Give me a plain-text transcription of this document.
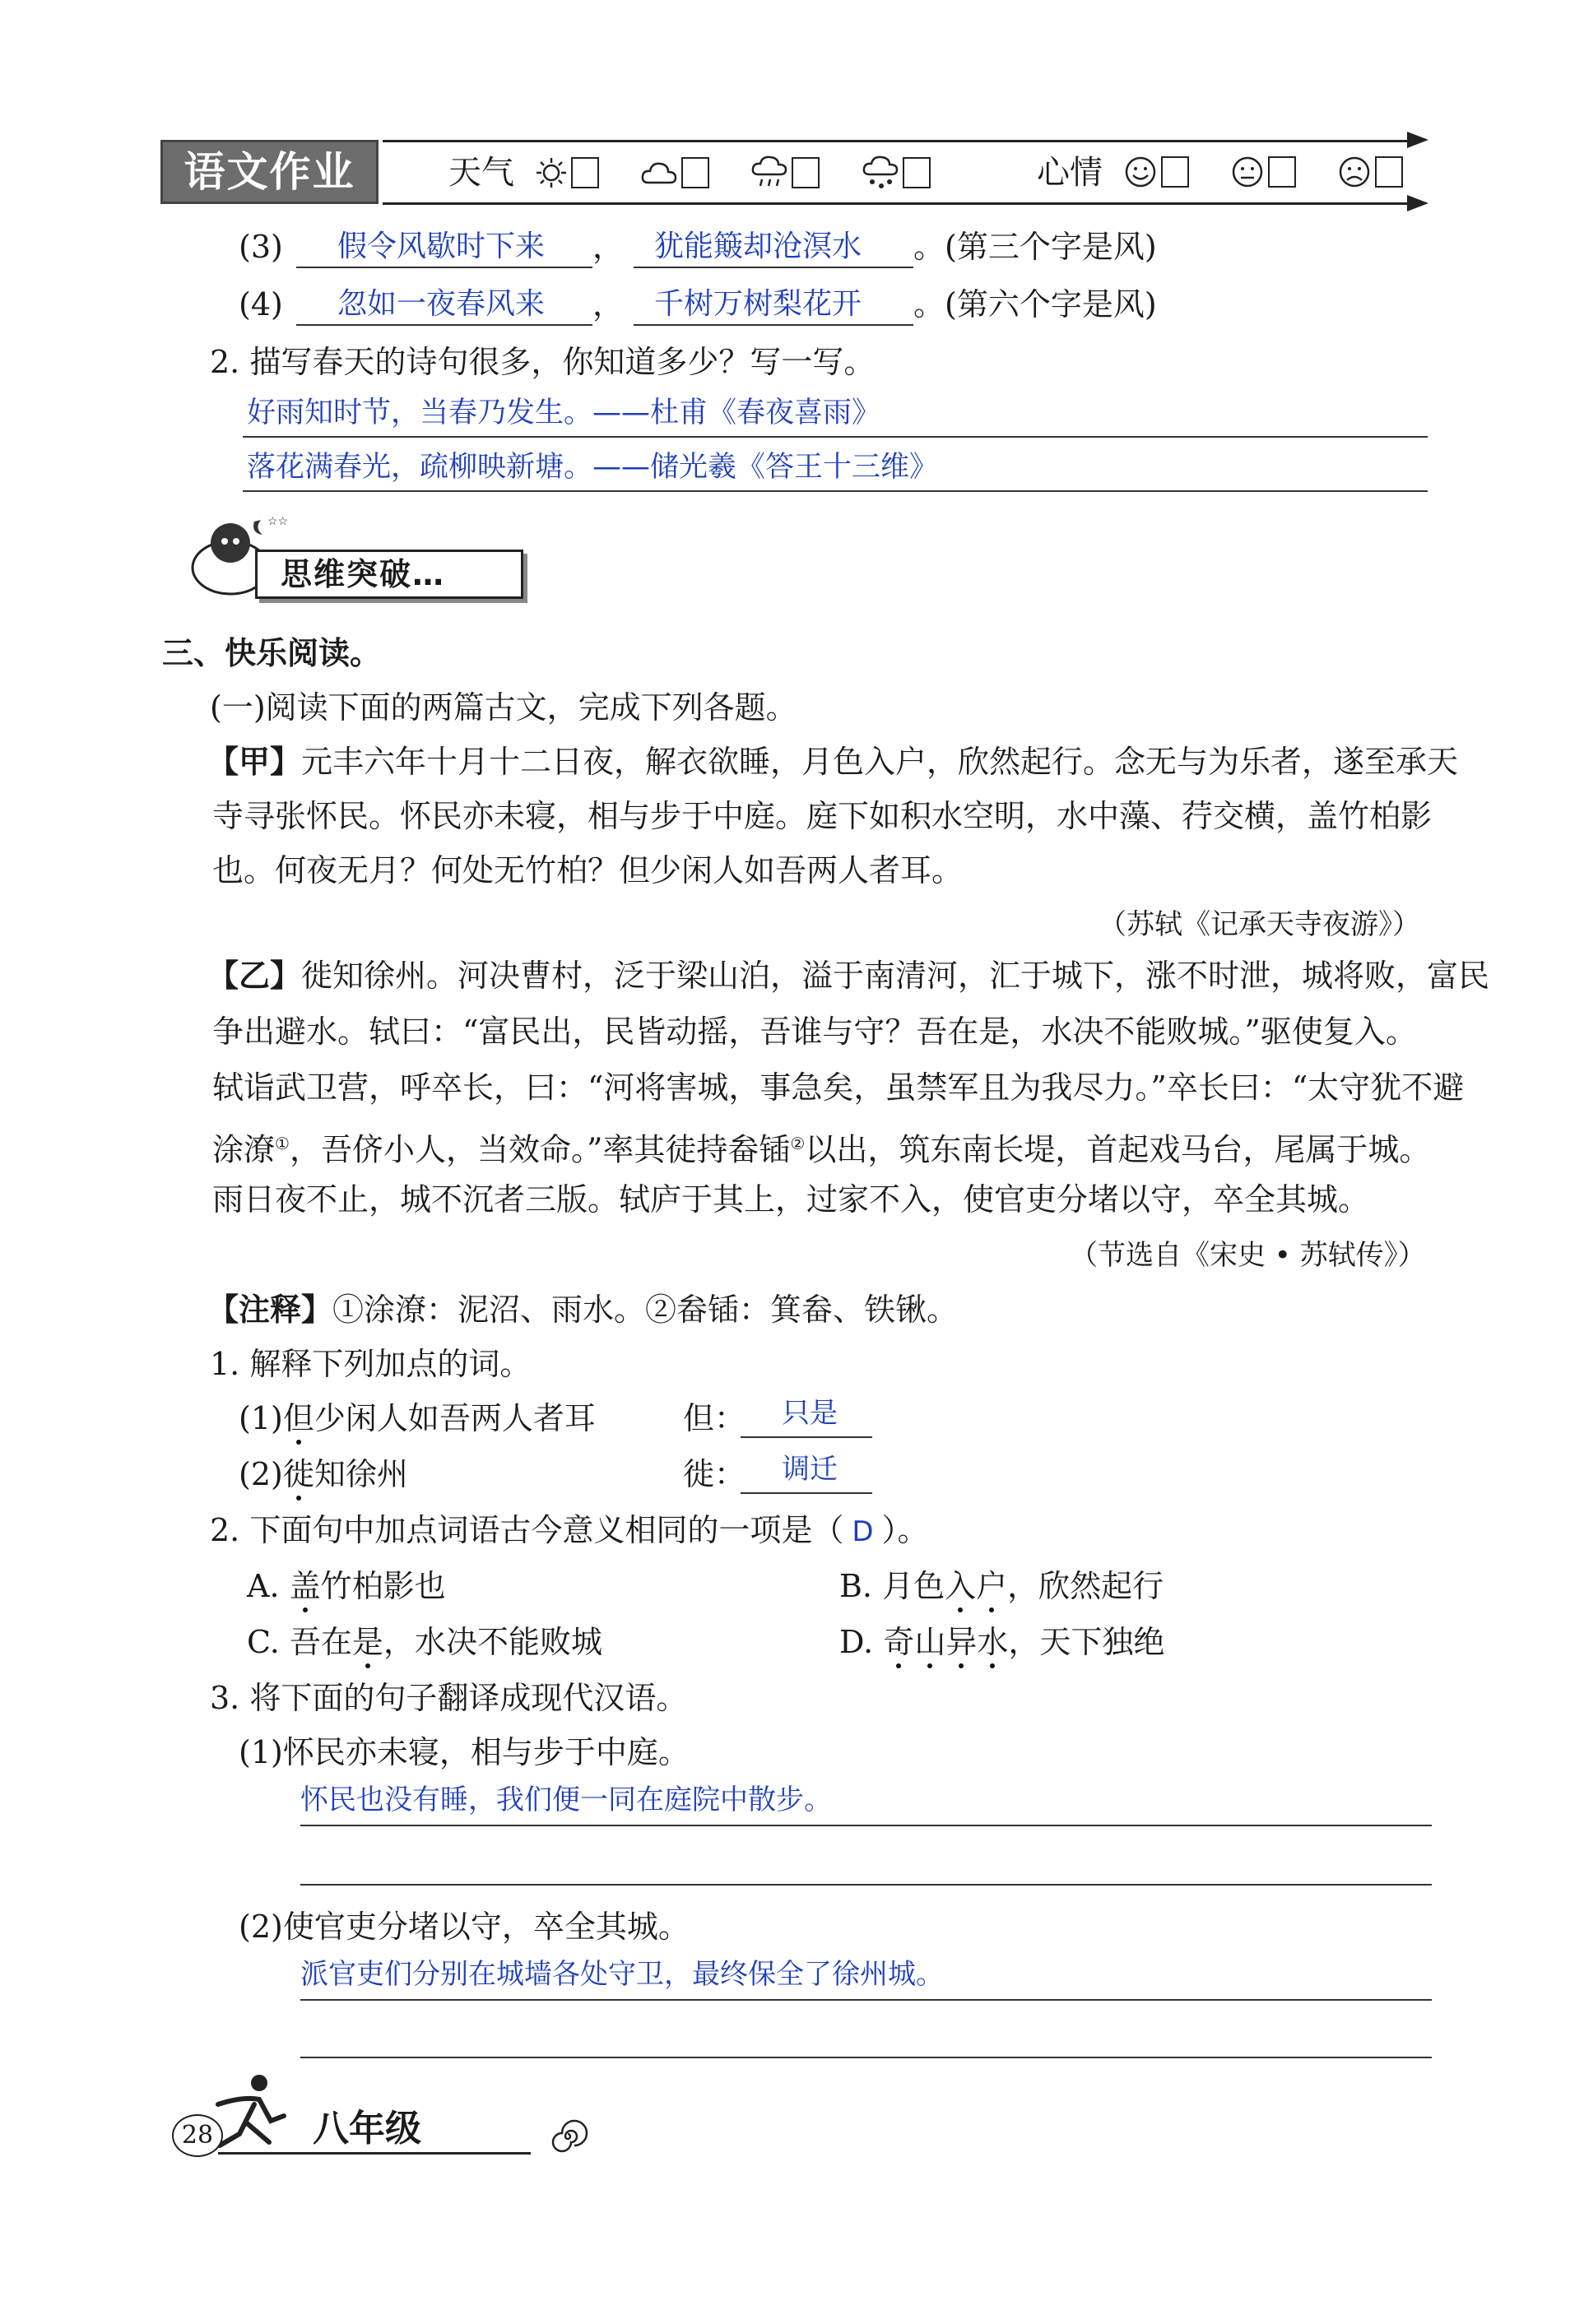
语文作业	天气
	心情

(3) 假令风歇时下来 ， 犹能簸却沧溟水 。(第三个字是风)
(4) 忽如一夜春风来 ， 千树万树梨花开 。(第六个字是风)
2. 描写春天的诗句很多，你知道多少？写一写。
好雨知时节，当春乃发生。——杜甫《春夜喜雨》
落花满春光，疏柳映新塘。——储光羲《答王十三维》
☆☆
思维突破…
三、快乐阅读。
(一)阅读下面的两篇古文，完成下列各题。
【甲】元丰六年十月十二日夜，解衣欲睡，月色入户，欣然起行。念无与为乐者，遂至承天
寺寻张怀民。怀民亦未寝，相与步于中庭。庭下如积水空明，水中藻、荇交横，盖竹柏影
也。何夜无月？何处无竹柏？但少闲人如吾两人者耳。
（苏轼《记承天寺夜游》）
【乙】徙知徐州。河决曹村，泛于梁山泊，溢于南清河，汇于城下，涨不时泄，城将败，富民
争出避水。轼曰：“富民出，民皆动摇，吾谁与守？吾在是，水决不能败城。”驱使复入。
轼诣武卫营，呼卒长，曰：“河将害城，事急矣，虽禁军且为我尽力。”卒长曰：“太守犹不避
涂潦①，吾侪小人，当效命。”率其徒持畚锸②以出，筑东南长堤，首起戏马台，尾属于城。
雨日夜不止，城不沉者三版。轼庐于其上，过家不入，使官吏分堵以守，卒全其城。
（节选自《宋史 • 苏轼传》）
【注释】①涂潦：泥沼、雨水。②畚锸：箕畚、铁锹。
1. 解释下列加点的词。
(1)但少闲人如吾两人者耳	但： 只是
(2)徙知徐州	徙： 调迁
2. 下面句中加点词语古今意义相同的一项是（ D ）。
A. 盖竹柏影也	B. 月色入户，欣然起行
C. 吾在是，水决不能败城	D. 奇山异水，天下独绝
3. 将下面的句子翻译成现代汉语。
(1)怀民亦未寝，相与步于中庭。
怀民也没有睡，我们便一同在庭院中散步。
(2)使官吏分堵以守，卒全其城。
派官吏们分别在城墙各处守卫，最终保全了徐州城。
28	八年级
